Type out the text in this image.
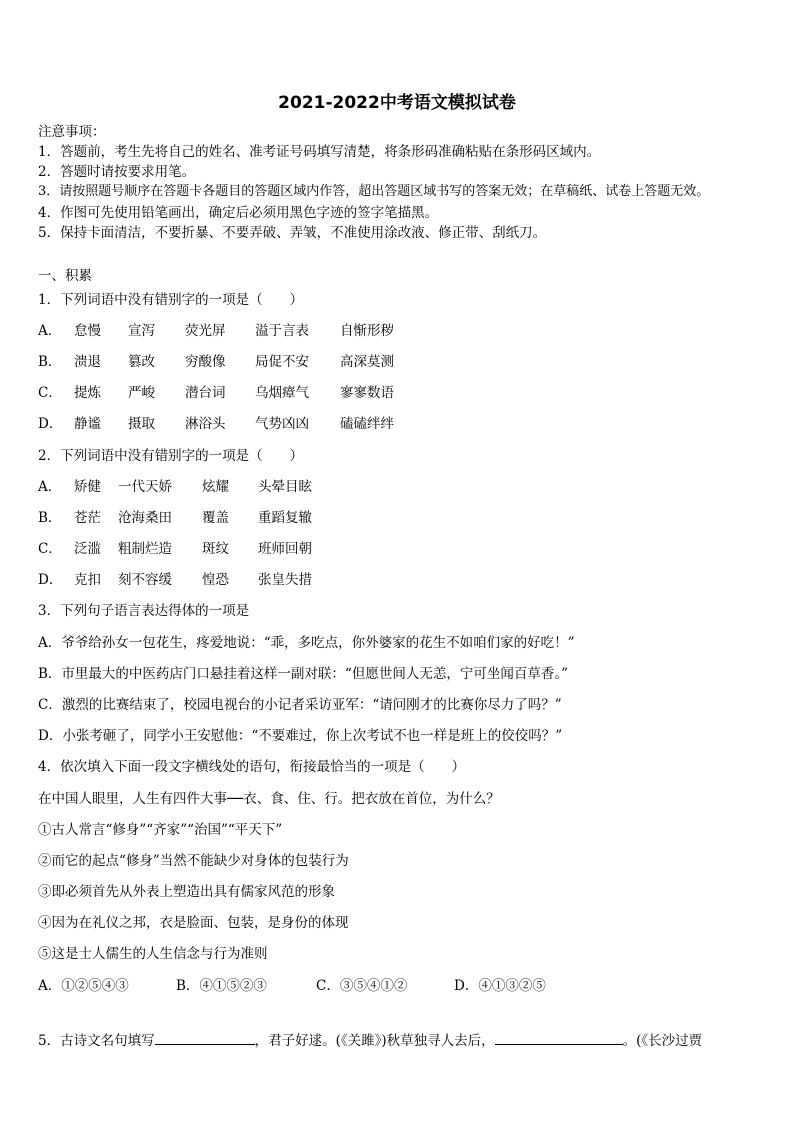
2021-2022中考语文模拟试卷
注意事项：
1．答题前，考生先将自己的姓名、准考证号码填写清楚，将条形码准确粘贴在条形码区域内。
2．答题时请按要求用笔。
3．请按照题号顺序在答题卡各题目的答题区域内作答，超出答题区域书写的答案无效；在草稿纸、试卷上答题无效。
4．作图可先使用铅笔画出，确定后必须用黑色字迹的签字笔描黑。
5．保持卡面清洁，不要折暴、不要弄破、弄皱，不准使用涂改液、修正带、刮纸刀。
一、积累
1．下列词语中没有错别字的一项是（　　）
A． 怠慢 宣泻 荧光屏 溢于言表 自惭形秽
B． 溃退 篡改 穷酸像 局促不安 高深莫测
C． 提炼 严峻 潜台词 乌烟瘴气 寥寥数语
D． 静谧 摄取 淋浴头 气势凶凶 磕磕绊绊
2．下列词语中没有错别字的一项是（　　）
A． 矫健 一代天娇 炫耀 头晕目眩
B． 苍茫 沧海桑田 覆盖 重蹈复辙
C． 泛滥 粗制烂造 斑纹 班师回朝
D． 克扣 刻不容缓 惶恐 张皇失措
3．下列句子语言表达得体的一项是
A．爷爷给孙女一包花生，疼爱地说：“乖，多吃点，你外婆家的花生不如咱们家的好吃！”
B．市里最大的中医药店门口悬挂着这样一副对联：“但愿世间人无恙，宁可坐闻百草香。”
C．激烈的比赛结束了，校园电视台的小记者采访亚军：“请问刚才的比赛你尽力了吗？”
D．小张考砸了，同学小王安慰他：“不要难过，你上次考试不也一样是班上的佼佼吗？”
4．依次填入下面一段文字横线处的语句，衔接最恰当的一项是（　　）
在中国人眼里，人生有四件大事──衣、食、住、行。把衣放在首位，为什么？
①古人常言“修身”“齐家”“治国”“平天下”
②而它的起点“修身”当然不能缺少对身体的包装行为
③即必须首先从外表上塑造出具有儒家风范的形象
④因为在礼仪之邦，衣是脸面、包装，是身份的体现
⑤这是士人儒生的人生信念与行为准则
A．①②⑤④③	B．④①⑤②③	C．③⑤④①②	D．④①③②⑤
5．古诗文名句填写	，君子好逑。(《关雎》)秋草独寻人去后，	。(《长沙过贾
